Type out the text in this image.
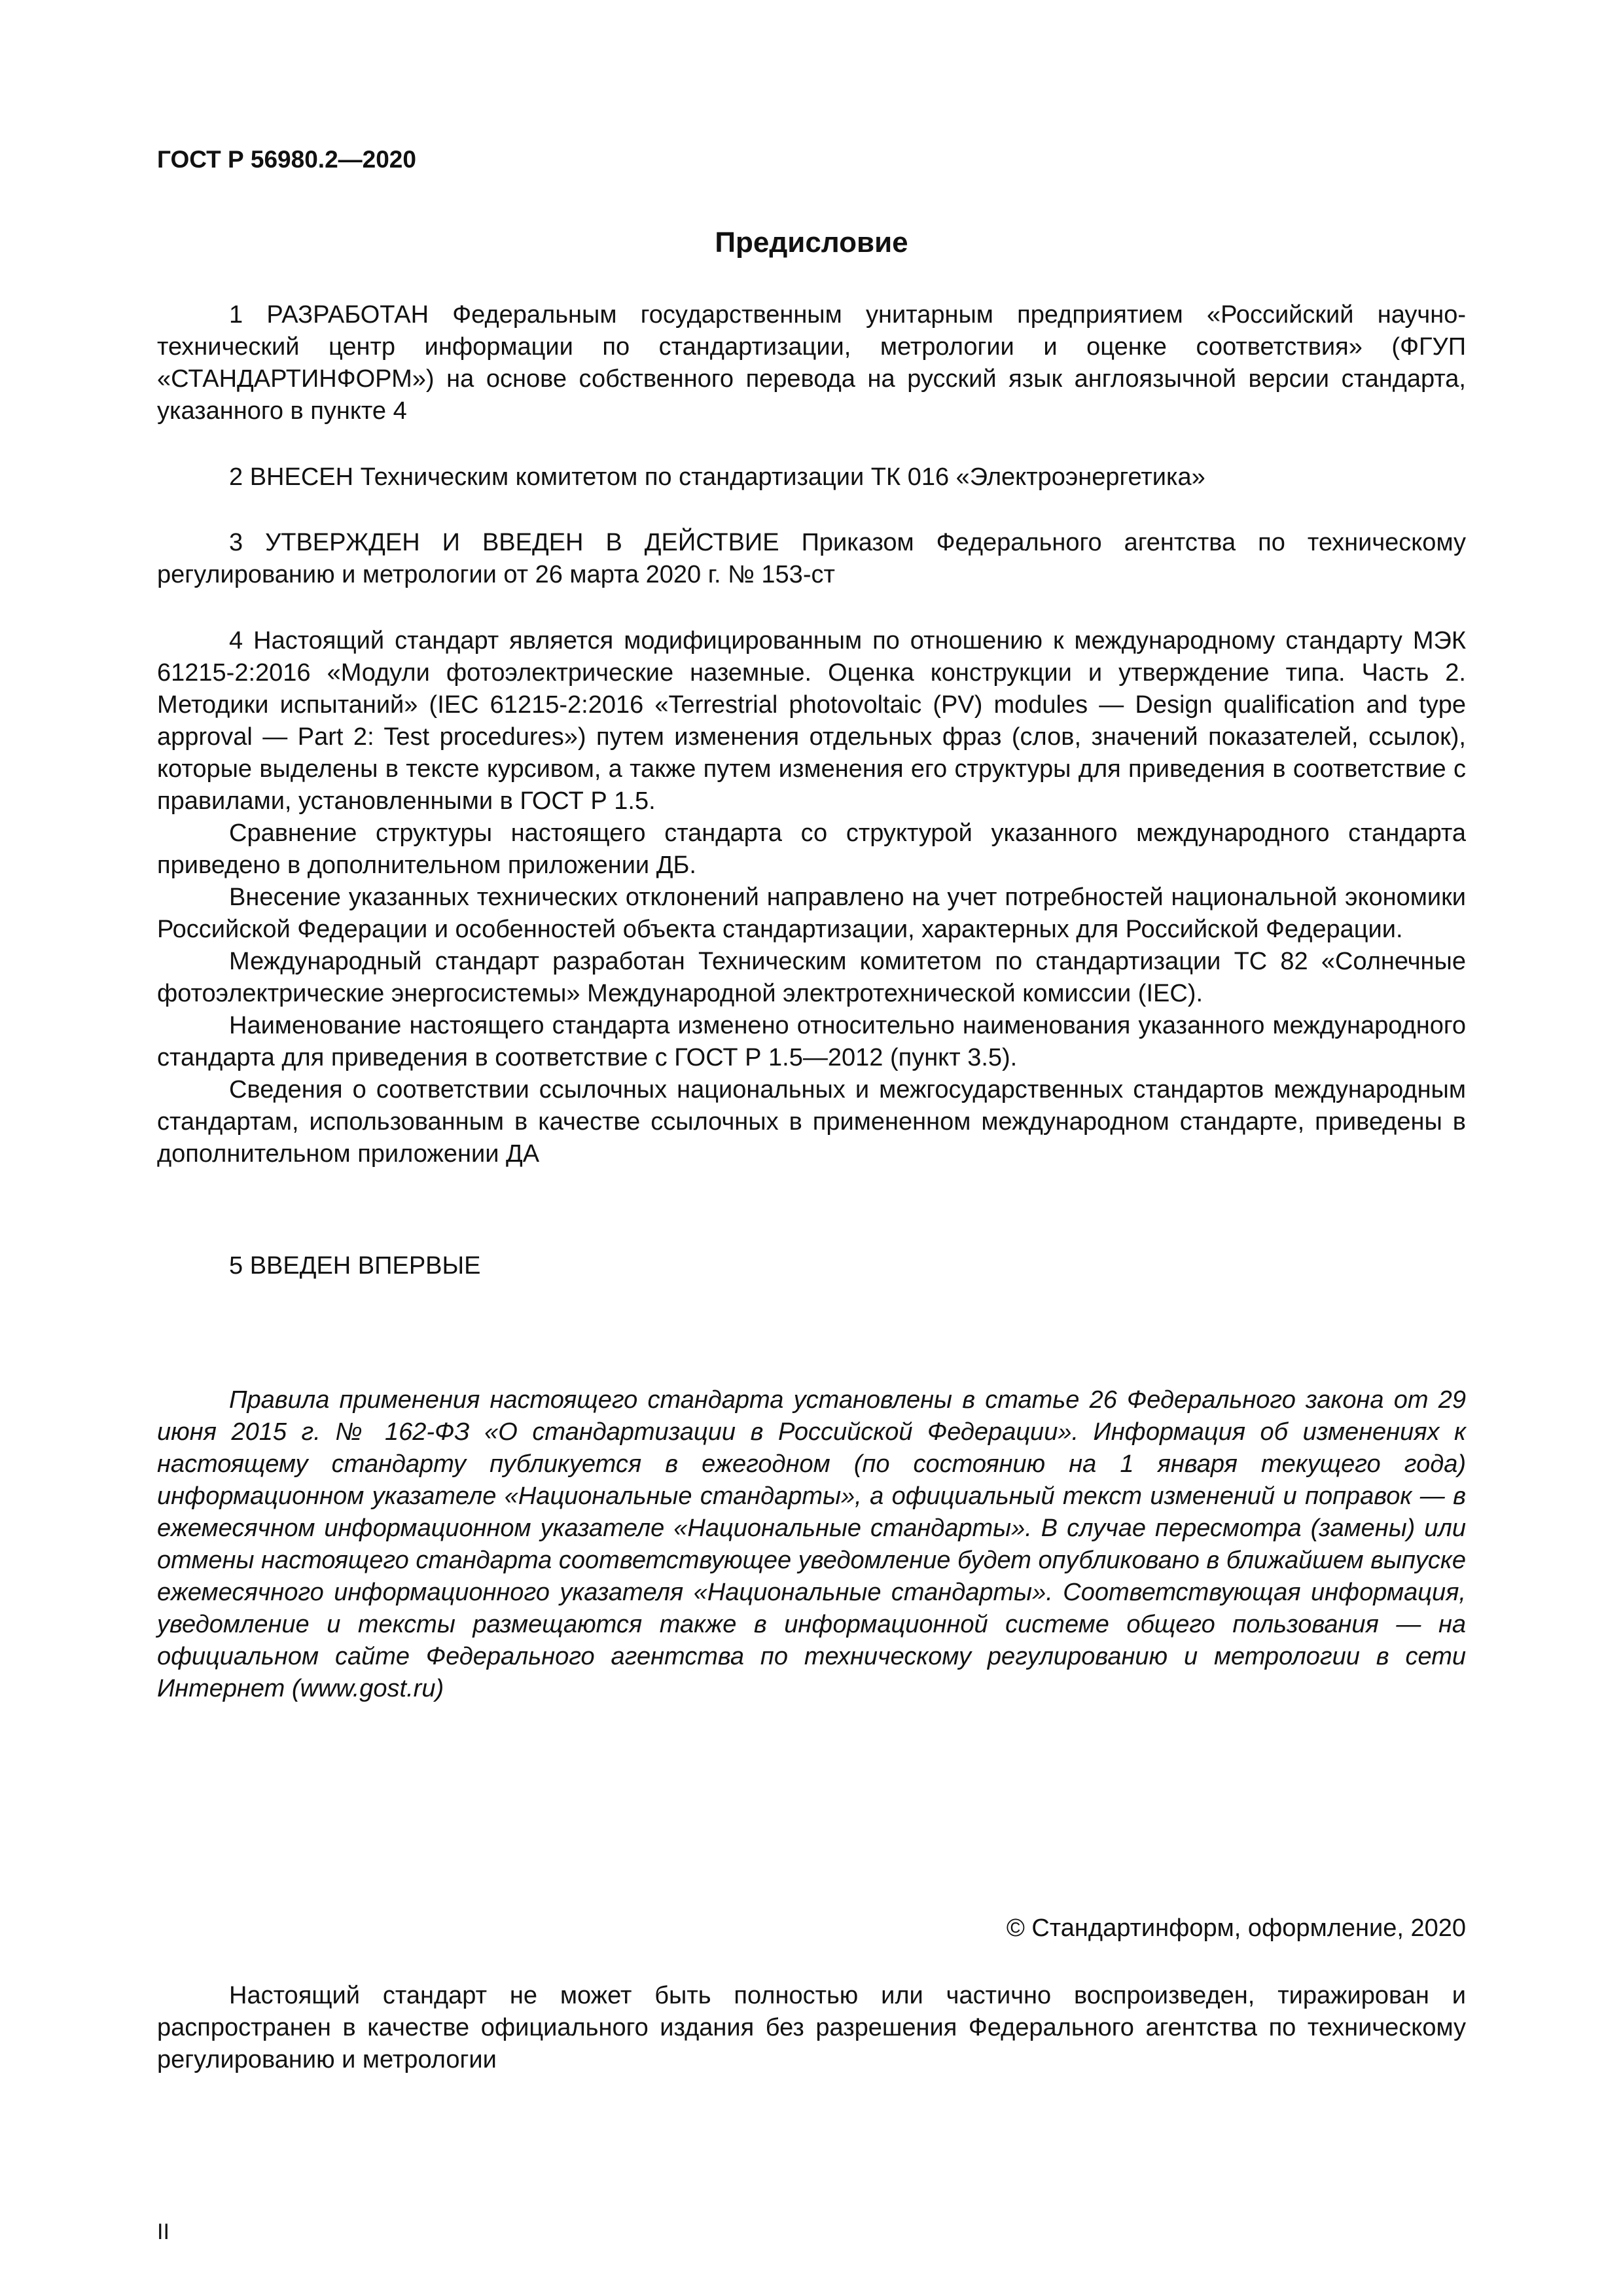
ГОСТ Р 56980.2—2020
Предисловие

1 РАЗРАБОТАН Федеральным государственным унитарным предприятием «Российский научно-технический центр информации по стандартизации, метрологии и оценке соответствия» (ФГУП «СТАНДАРТИНФОРМ») на основе собственного перевода на русский язык англоязычной версии стандарта, указанного в пункте 4

2 ВНЕСЕН Техническим комитетом по стандартизации ТК 016 «Электроэнергетика»

3 УТВЕРЖДЕН И ВВЕДЕН В ДЕЙСТВИЕ Приказом Федерального агентства по техническому регулированию и метрологии от 26 марта 2020 г. № 153-ст

4 Настоящий стандарт является модифицированным по отношению к международному стандарту МЭК 61215-2:2016 «Модули фотоэлектрические наземные. Оценка конструкции и утверждение типа. Часть 2. Методики испытаний» (IEC 61215-2:2016 «Terrestrial photovoltaic (PV) modules — Design qualification and type approval — Part 2: Test procedures») путем изменения отдельных фраз (слов, значений показателей, ссылок), которые выделены в тексте курсивом, а также путем изменения его структуры для приведения в соответствие с правилами, установленными в ГОСТ Р 1.5.

Сравнение структуры настоящего стандарта со структурой указанного международного стандарта приведено в дополнительном приложении ДБ.

Внесение указанных технических отклонений направлено на учет потребностей национальной экономики Российской Федерации и особенностей объекта стандартизации, характерных для Российской Федерации.

Международный стандарт разработан Техническим комитетом по стандартизации ТС 82 «Солнечные фотоэлектрические энергосистемы» Международной электротехнической комиссии (IEC).

Наименование настоящего стандарта изменено относительно наименования указанного международного стандарта для приведения в соответствие с ГОСТ Р 1.5—2012 (пункт 3.5).

Сведения о соответствии ссылочных национальных и межгосударственных стандартов международным стандартам, использованным в качестве ссылочных в примененном международном стандарте, приведены в дополнительном приложении ДА

5 ВВЕДЕН ВПЕРВЫЕ

Правила применения настоящего стандарта установлены в статье 26 Федерального закона от 29 июня 2015 г. № 162-ФЗ «О стандартизации в Российской Федерации». Информация об изменениях к настоящему стандарту публикуется в ежегодном (по состоянию на 1 января текущего года) информационном указателе «Национальные стандарты», а официальный текст изменений и поправок — в ежемесячном информационном указателе «Национальные стандарты». В случае пересмотра (замены) или отмены настоящего стандарта соответствующее уведомление будет опубликовано в ближайшем выпуске ежемесячного информационного указателя «Национальные стандарты». Соответствующая информация, уведомление и тексты размещаются также в информационной системе общего пользования — на официальном сайте Федерального агентства по техническому регулированию и метрологии в сети Интернет (www.gost.ru)

© Стандартинформ, оформление, 2020

Настоящий стандарт не может быть полностью или частично воспроизведен, тиражирован и распространен в качестве официального издания без разрешения Федерального агентства по техническому регулированию и метрологии

II
